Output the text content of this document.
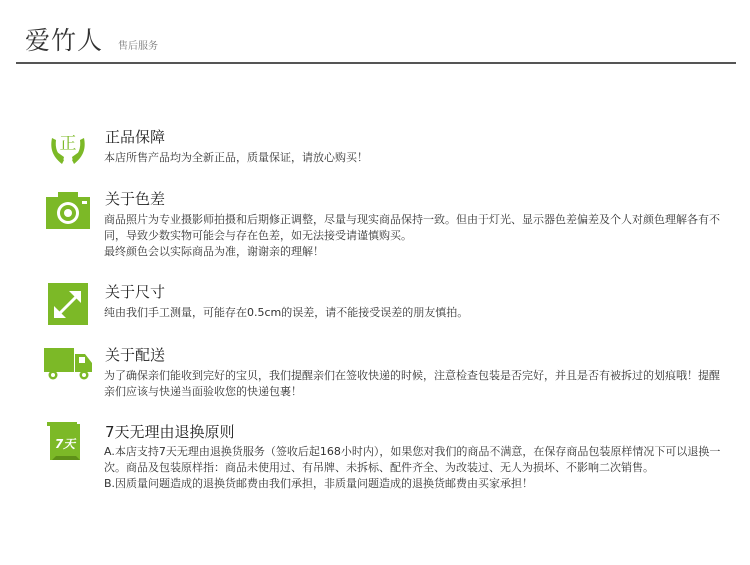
爱竹人 售后服务
正 正品保障

本店所售产品均为全新正品，质量保证，请放心购买！

关于色差

商品照片为专业摄影师拍摄和后期修正调整，尽量与现实商品保持一致。但由于灯光、显示器色差偏差及个人对颜色理解各有不同，导致少数实物可能会与存在色差，如无法接受请谨慎购买。

最终颜色会以实际商品为准，谢谢亲的理解！

关于尺寸

纯由我们手工测量，可能存在0.5cm的误差，请不能接受误差的朋友慎拍。

关于配送

为了确保亲们能收到完好的宝贝，我们提醒亲们在签收快递的时候，注意检查包装是否完好，并且是否有被拆过的划痕哦！提醒亲们应该与快递当面验收您的快递包裹！

7天
7天无理由退换原则

A.本店支持7天无理由退换货服务（签收后起168小时内），如果您对我们的商品不满意，在保存商品包装原样情况下可以退换一次。商品及包装原样指：商品未使用过、有吊牌、未拆标、配件齐全、为改装过、无人为损坏、不影响二次销售。

B.因质量问题造成的退换货邮费由我们承担，非质量问题造成的退换货邮费由买家承担！
